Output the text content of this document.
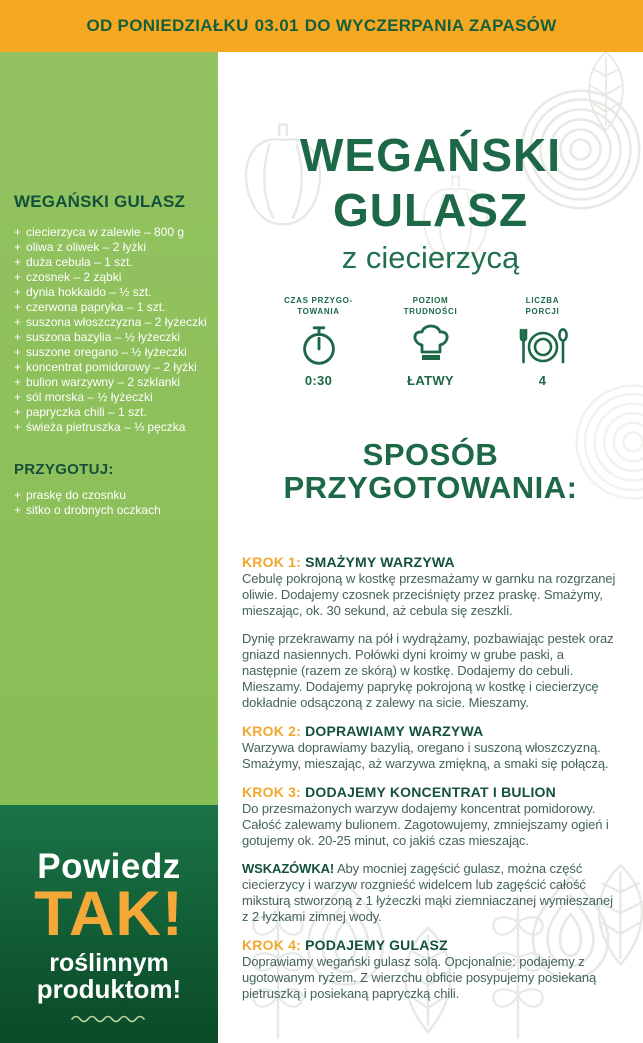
OD PONIEDZIAŁKU 03.01 DO WYCZERPANIA ZAPASÓW
WEGAŃSKI GULASZ
+ ciecierzyca w zalewie – 800 g
+ oliwa z oliwek – 2 łyżki
+ duża cebula – 1 szt.
+ czosnek – 2 ząbki
+ dynia hokkaido – ½ szt.
+ czerwona papryka – 1 szt.
+ suszona włoszczyzna – 2 łyżeczki
+ suszona bazylia – ½ łyżeczki
+ suszone oregano – ½ łyżeczki
+ koncentrat pomidorowy – 2 łyżki
+ bulion warzywny – 2 szklanki
+ sól morska – ½ łyżeczki
+ papryczka chili – 1 szt.
+ świeża pietruszka – ⅓ pęczka
PRZYGOTUJ:
+ praskę do czosnku
+ sitko o drobnych oczkach
Powiedz
TAK!
roślinnym
produktom!
WEGAŃSKI
GULASZ
z ciecierzycą
CZAS PRZYGO-
TOWANIA
0:30
POZIOM
TRUDNOŚCI
ŁATWY
LICZBA
PORCJI
4
SPOSÓB
PRZYGOTOWANIA:
KROK 1: SMAŻYMY WARZYWA

Cebulę pokrojoną w kostkę przesmażamy w garnku na rozgrzanej oliwie. Dodajemy czosnek przeciśnięty przez praskę. Smażymy, mieszając, ok. 30 sekund, aż cebula się zeszkli.

Dynię przekrawamy na pół i wydrążamy, pozbawiając pestek oraz gniazd nasiennych. Połówki dyni kroimy w grube paski, a następnie (razem ze skórą) w kostkę. Dodajemy do cebuli. Mieszamy. Dodajemy paprykę pokrojoną w kostkę i ciecierzycę dokładnie odsączoną z zalewy na sicie. Mieszamy.

KROK 2: DOPRAWIAMY WARZYWA

Warzywa doprawiamy bazylią, oregano i suszoną włoszczyzną. Smażymy, mieszając, aż warzywa zmiękną, a smaki się połączą.

KROK 3: DODAJEMY KONCENTRAT I BULION

Do przesmażonych warzyw dodajemy koncentrat pomidorowy. Całość zalewamy bulionem. Zagotowujemy, zmniejszamy ogień i gotujemy ok. 20-25 minut, co jakiś czas mieszając.

WSKAZÓWKA! Aby mocniej zagęścić gulasz, można część ciecierzycy i warzyw rozgnieść widelcem lub zagęścić całość miksturą stworzoną z 1 łyżeczki mąki ziemniaczanej wymieszanej z 2 łyżkami zimnej wody.

KROK 4: PODAJEMY GULASZ

Doprawiamy wegański gulasz solą. Opcjonalnie: podajemy z ugotowanym ryżem. Z wierzchu obficie posypujemy posiekaną pietruszką i posiekaną papryczką chili.
